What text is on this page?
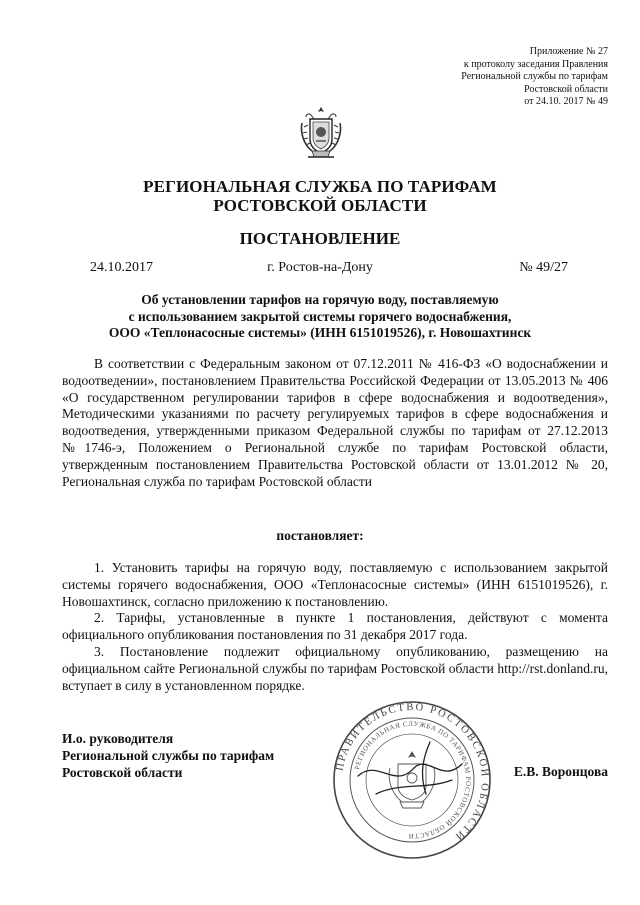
Приложение № 27
к протоколу заседания Правления
Региональной службы по тарифам
Ростовской области
от 24.10. 2017 № 49
РЕГИОНАЛЬНАЯ СЛУЖБА ПО ТАРИФАМ
РОСТОВСКОЙ ОБЛАСТИ
ПОСТАНОВЛЕНИЕ
24.10.2017	г. Ростов-на-Дону	№ 49/27
Об установлении тарифов на горячую воду, поставляемую
с использованием закрытой системы горячего водоснабжения,
ООО «Теплонасосные системы» (ИНН 6151019526), г. Новошахтинск
В соответствии с Федеральным законом от 07.12.2011 № 416-ФЗ «О водоснабжении и водоотведении», постановлением Правительства Российской Федерации от 13.05.2013 № 406 «О государственном регулировании тарифов в сфере водоснабжения и водоотведения», Методическими указаниями по расчету регулируемых тарифов в сфере водоснабжения и водоотведения, утвержденными приказом Федеральной службы по тарифам от 27.12.2013 №1746-э, Положением о Региональной службе по тарифам Ростовской области, утвержденным постановлением Правительства Ростовской области от 13.01.2012 № 20, Региональная служба по тарифам Ростовской области
постановляет:
1. Установить тарифы на горячую воду, поставляемую с использованием закрытой системы горячего водоснабжения, ООО «Теплонасосные системы» (ИНН 6151019526), г. Новошахтинск, согласно приложению к постановлению.
2. Тарифы, установленные в пункте 1 постановления, действуют с момента официального опубликования постановления по 31 декабря 2017 года.
3. Постановление подлежит официальному опубликованию, размещению на официальном сайте Региональной службы по тарифам Ростовской области http://rst.donland.ru, вступает в силу в установленном порядке.
И.о. руководителя
Региональной службы по тарифам
Ростовской области	ПРАВИТЕЛЬСТВО РОСТОВСКОЙ ОБЛАСТИ
РЕГИОНАЛЬНАЯ СЛУЖБА ПО ТАРИФАМ РОСТОВСКОЙ ОБЛАСТИ
Е.В. Воронцова
